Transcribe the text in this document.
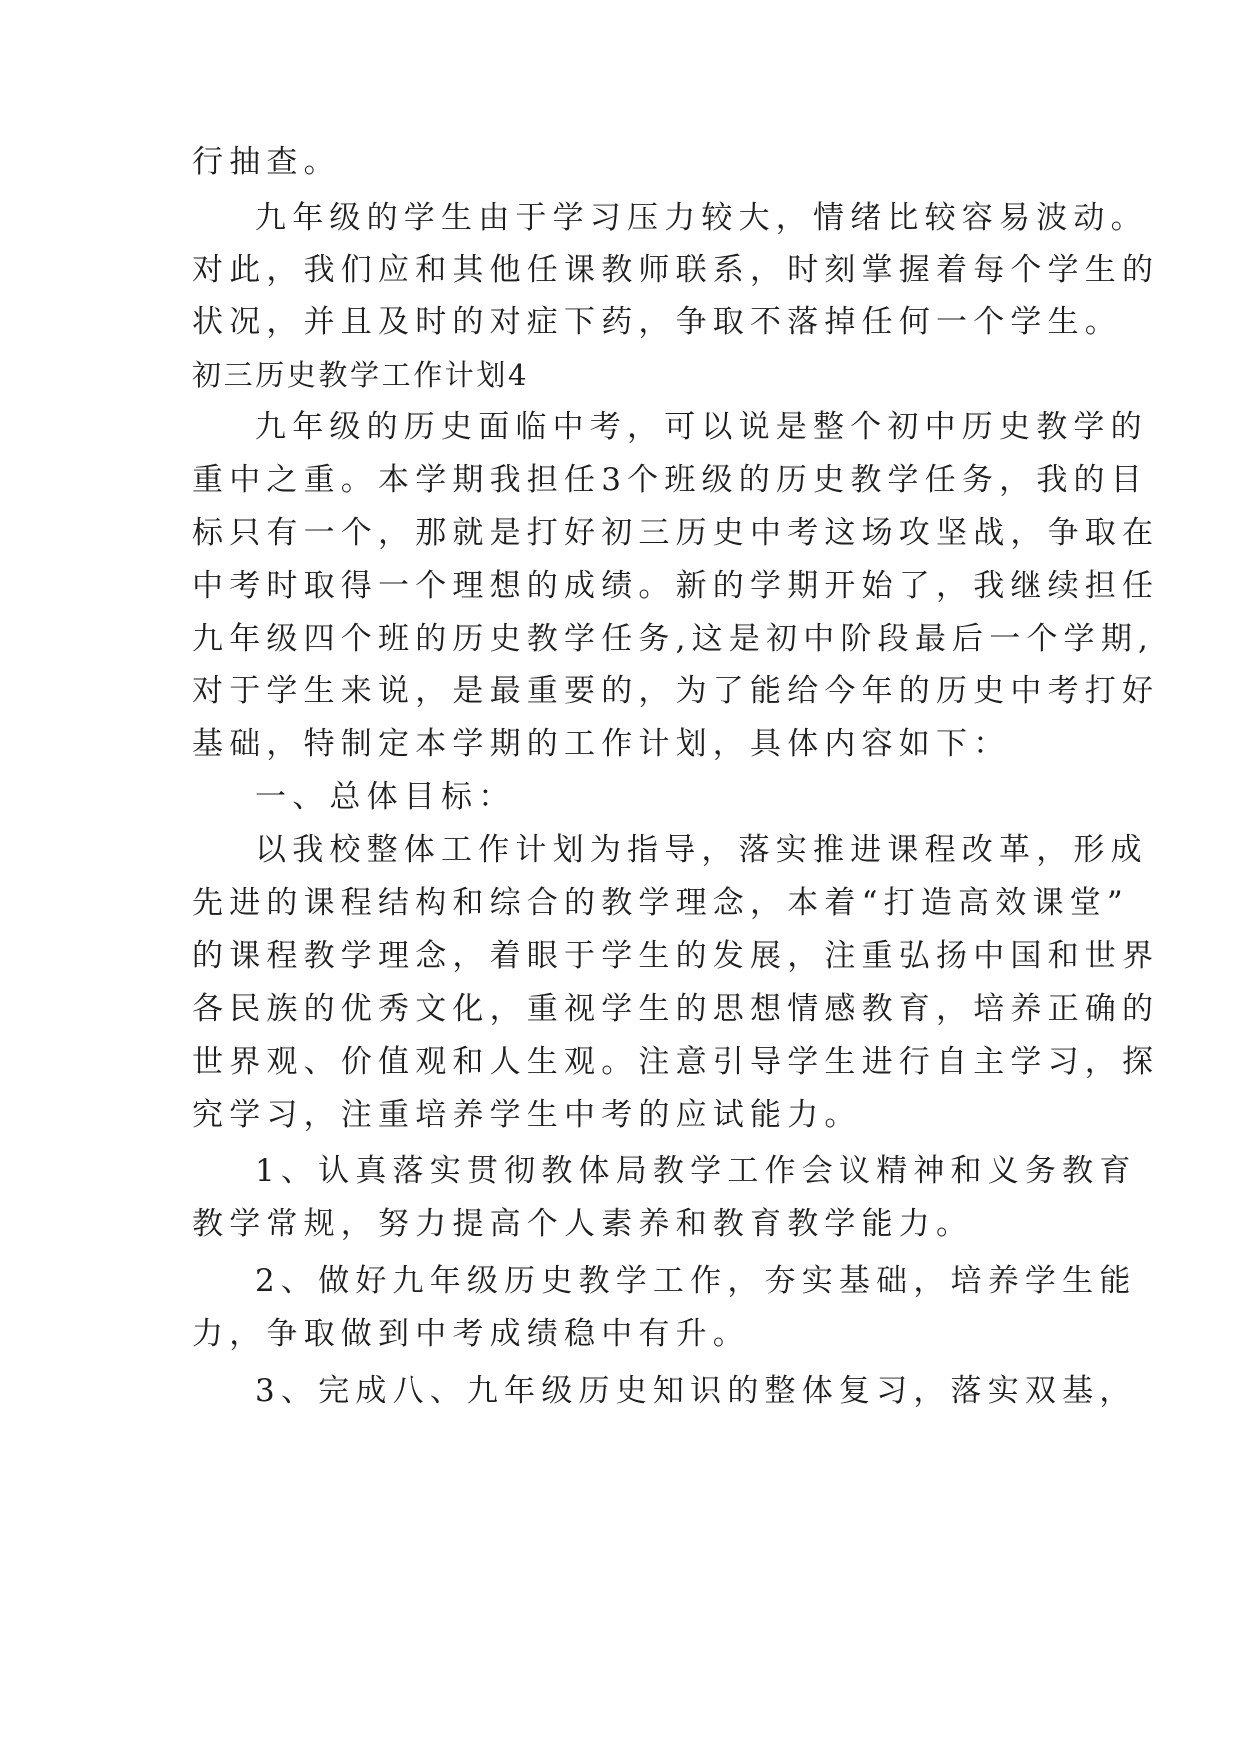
行抽查。

九年级的学生由于学习压力较大，情绪比较容易波动。

对此，我们应和其他任课教师联系，时刻掌握着每个学生的

状况，并且及时的对症下药，争取不落掉任何一个学生。

初三历史教学工作计划4

九年级的历史面临中考，可以说是整个初中历史教学的

重中之重。本学期我担任3个班级的历史教学任务，我的目

标只有一个，那就是打好初三历史中考这场攻坚战，争取在

中考时取得一个理想的成绩。新的学期开始了，我继续担任

九年级四个班的历史教学任务,这是初中阶段最后一个学期,

对于学生来说，是最重要的，为了能给今年的历史中考打好

基础，特制定本学期的工作计划，具体内容如下：

一、总体目标：

以我校整体工作计划为指导，落实推进课程改革，形成

先进的课程结构和综合的教学理念，本着“打造高效课堂”

的课程教学理念，着眼于学生的发展，注重弘扬中国和世界

各民族的优秀文化，重视学生的思想情感教育，培养正确的

世界观、价值观和人生观。注意引导学生进行自主学习，探

究学习，注重培养学生中考的应试能力。

1、认真落实贯彻教体局教学工作会议精神和义务教育

教学常规，努力提高个人素养和教育教学能力。

2、做好九年级历史教学工作，夯实基础，培养学生能

力，争取做到中考成绩稳中有升。

3、完成八、九年级历史知识的整体复习，落实双基，
